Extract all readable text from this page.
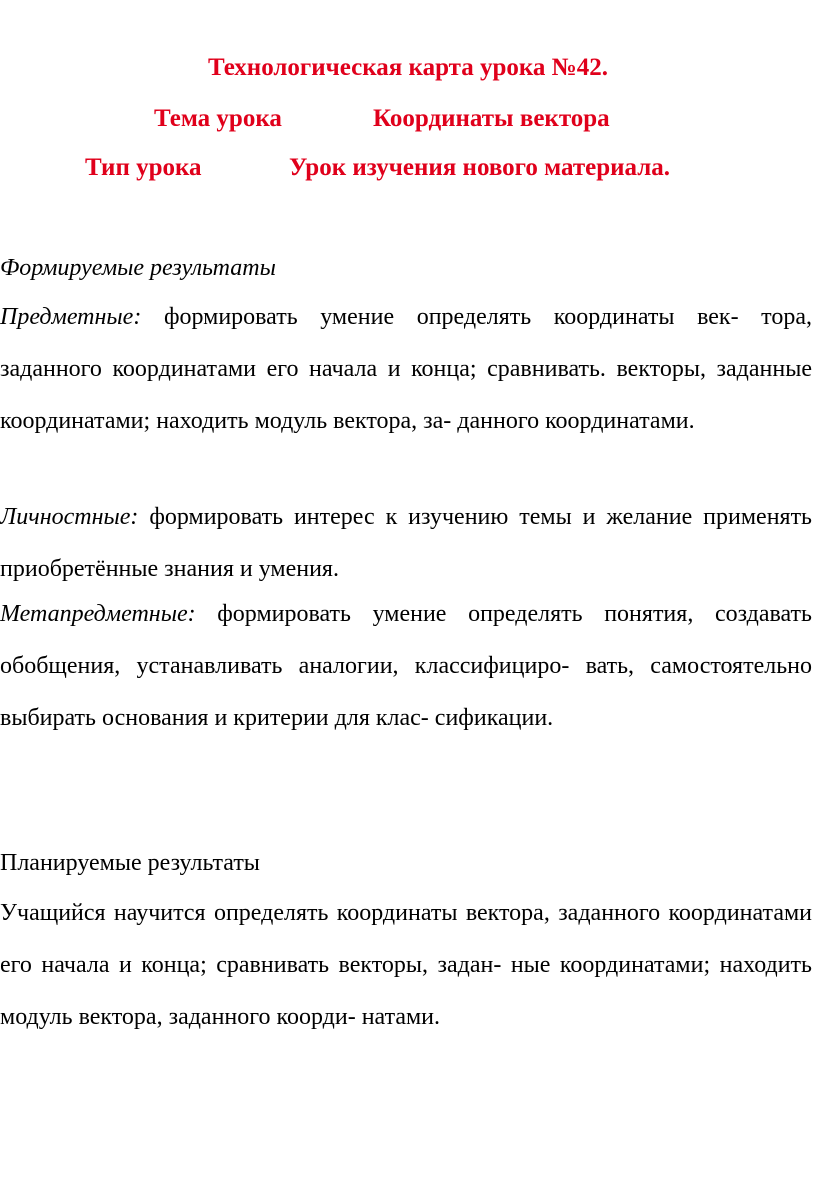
Технологическая карта урока №42.
Тема урока	Координаты вектора
Тип урока	Урок изучения нового материала.
Формируемые результаты
Предметные: формировать умение определять координаты век- тора, заданного координатами его начала и конца; сравнивать. векторы, заданные координатами; находить модуль вектора, за- данного координатами.
Личностные: формировать интерес к изучению темы и желание применять приобретённые знания и умения.
Метапредметные: формировать умение определять понятия, создавать обобщения, устанавливать аналогии, классифициро- вать, самостоятельно выбирать основания и критерии для клас- сификации.
Планируемые результаты
Учащийся научится определять координаты вектора, заданного координатами его начала и конца; сравнивать векторы, задан- ные координатами; находить модуль вектора, заданного коорди- натами.
